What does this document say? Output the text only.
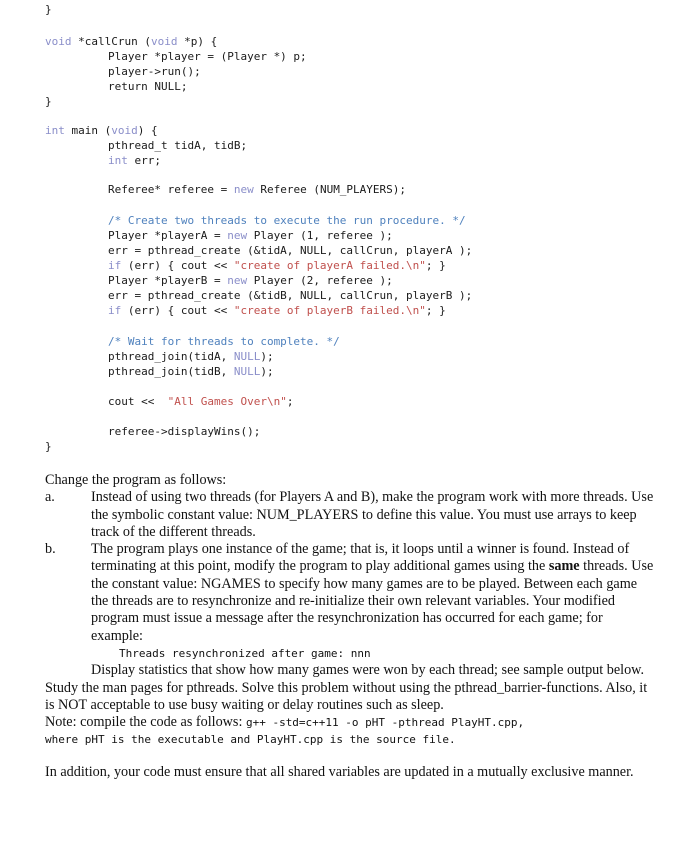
}
void *callCrun (void *p) {
Player *player = (Player *) p;
player->run();
return NULL;
}
int main (void) {
pthread_t tidA, tidB;
int err;
Referee* referee = new Referee (NUM_PLAYERS);
/* Create two threads to execute the run procedure. */
Player *playerA = new Player (1, referee );
err = pthread_create (&tidA, NULL, callCrun, playerA );
if (err) { cout << "create of playerA failed.\n"; }
Player *playerB = new Player (2, referee );
err = pthread_create (&tidB, NULL, callCrun, playerB );
if (err) { cout << "create of playerB failed.\n"; }
/* Wait for threads to complete. */
pthread_join(tidA, NULL);
pthread_join(tidB, NULL);
cout <<  "All Games Over\n";
referee->displayWins();
}

Change the program as follows:

a.	Instead of using two threads (for Players A and B), make the program work with more threads. Use the symbolic constant value: NUM_PLAYERS to define this value. You must use arrays to keep track of the different threads.
b.	The program plays one instance of the game; that is, it loops until a winner is found. Instead of terminating at this point, modify the program to play additional games using the same threads. Use the constant value: NGAMES to specify how many games are to be played. Between each game the threads are to resynchronize and re-initialize their own relevant variables. Your modified program must issue a message after the resynchronization has occurred for each game; for example:
Threads resynchronized after game: nnn
Display statistics that show how many games were won by each thread; see sample output below.

Study the man pages for pthreads. Solve this problem without using the pthread_barrier-functions. Also, it is NOT acceptable to use busy waiting or delay routines such as sleep.

Note: compile the code as follows: g++ -std=c++11 -o pHT -pthread PlayHT.cpp,
where pHT is the executable and PlayHT.cpp is the source file.

In addition, your code must ensure that all shared variables are updated in a mutually exclusive manner.
